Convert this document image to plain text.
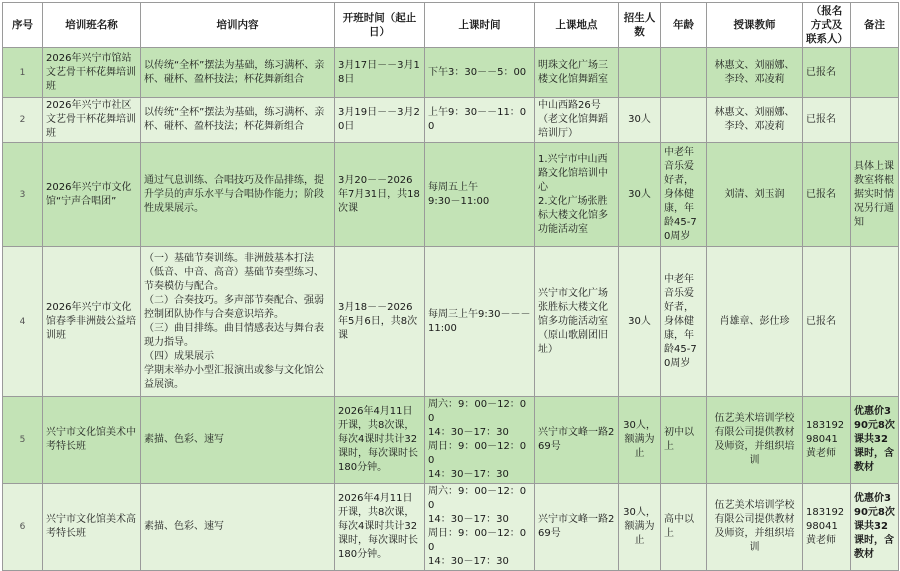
序号	培训班名称	培训内容	开班时间（起止日）	上课时间	上课地点	招生人数	年龄	授课教师	（报名方式及联系人）	备注
1	2026年兴宁市馆站文艺骨干杯花舞培训班	以传统“全杯”摆法为基础，练习满杯、亲杯、碰杯、盈杯技法；杯花舞新组合	3月17日－－3月18日	下午3：30－－5：00	明珠文化广场三楼文化馆舞蹈室			林惠文、刘丽娜、李玲、邓凌莉	已报名	

2	2026年兴宁市社区文艺骨干杯花舞培训班	以传统“全杯”摆法为基础，练习满杯、亲杯、碰杯、盈杯技法；杯花舞新组合	3月19日－－3月20日	上午9：30－－11：00	中山西路26号（老文化馆舞蹈培训厅）	30人		林惠文、刘丽娜、李玲、邓凌莉	已报名	

3	2026年兴宁市文化馆“宁声合唱团”	通过气息训练、合唱技巧及作品排练，提升学员的声乐水平与合唱协作能力；阶段性成果展示。	3月20－－2026年7月31日，共18次课	每周五上午
9:30－11:00	1.兴宁市中山西路文化馆培训中心
2.文化广场张胜标大楼文化馆多功能活动室	30人	中老年音乐爱好者，身体健康，年龄45-70周岁	刘清、刘玉润	已报名	具体上课教室将根据实时情况另行通知

4	2026年兴宁市文化馆春季非洲鼓公益培训班	（一）基础节奏训练。非洲鼓基本打法（低音、中音、高音）基础节奏型练习、节奏模仿与配合。
（二）合奏技巧。多声部节奏配合、强弱控制团队协作与合奏意识培养。
（三）曲目排练。曲目情感表达与舞台表现力指导。
（四）成果展示
学期末举办小型汇报演出或参与文化馆公益展演。	3月18－－2026年5月6日，共8次课	每周三上午9:30－－－11:00	兴宁市文化广场张胜标大楼文化馆多功能活动室（原山歌剧团旧址）	30人	中老年音乐爱好者，身体健康，年龄45-70周岁	肖雄章、彭仕珍	已报名	

5	兴宁市文化馆美术中考特长班	素描、色彩、速写	2026年4月11日开课，共8次课，每次4课时共计32课时，每次课时长180分钟。	周六：9：00－12：00
14：30－17：30
周日：9：00－12：00
14：30－17：30	兴宁市文峰一路269号	30人，额满为止	初中以上	伍艺美术培训学校有限公司提供教材及师资，并组织培训	18319298041黄老师	优惠价390元8次课共32课时，含教材

6	兴宁市文化馆美术高考特长班	素描、色彩、速写	2026年4月11日开课，共8次课，每次4课时共计32课时，每次课时长180分钟。	周六：9：00－12：00
14：30－17：30
周日：9：00－12：00
14：30－17：30	兴宁市文峰一路269号	30人，额满为止	高中以上	伍艺美术培训学校有限公司提供教材及师资，并组织培训	18319298041黄老师	优惠价390元8次课共32课时，含教材
